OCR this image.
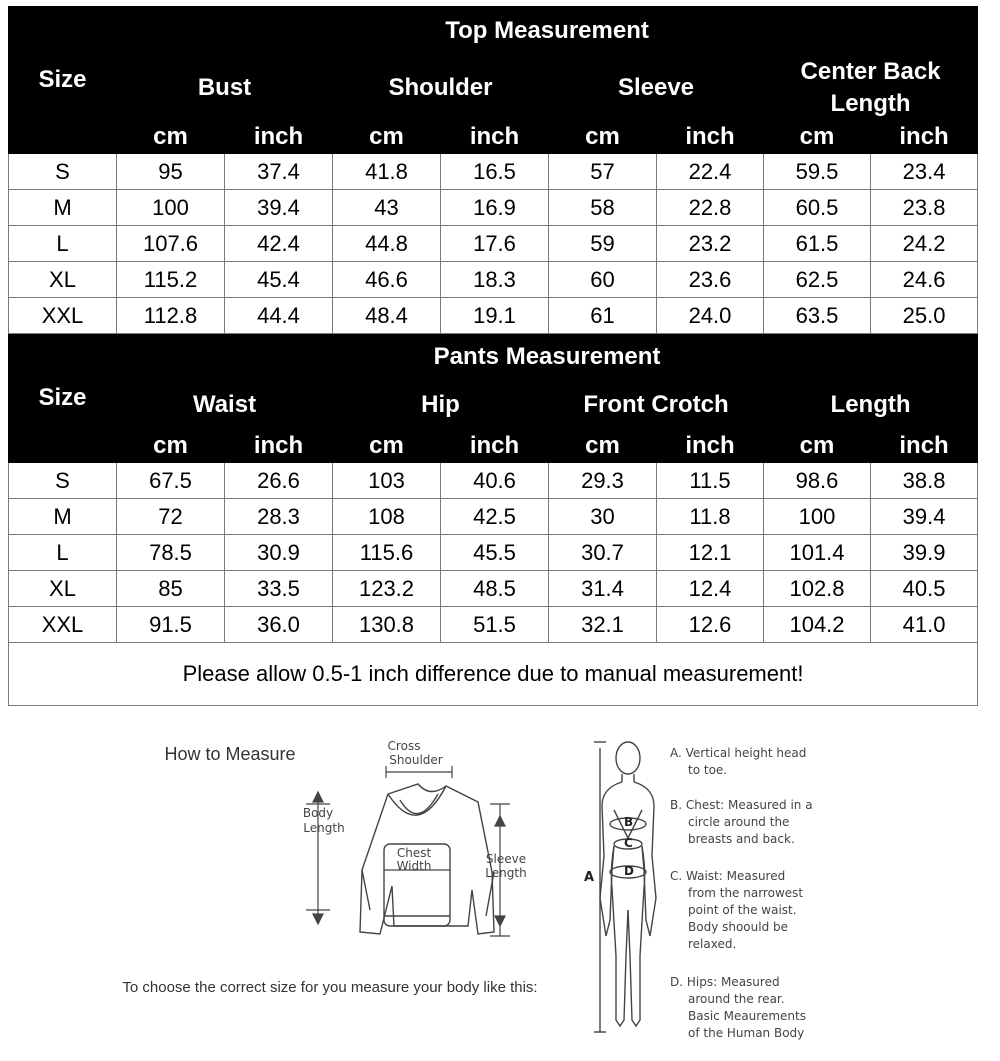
Size	Top Measurement							
	Bust		Shoulder		Sleeve		Center Back Length	
	cm	inch	cm	inch	cm	inch	cm	inch
S	95	37.4	41.8	16.5	57	22.4	59.5	23.4
M	100	39.4	43	16.9	58	22.8	60.5	23.8
L	107.6	42.4	44.8	17.6	59	23.2	61.5	24.2
XL	115.2	45.4	46.6	18.3	60	23.6	62.5	24.6
XXL	112.8	44.4	48.4	19.1	61	24.0	63.5	25.0
Size	Pants Measurement							
	Waist		Hip		Front Crotch		Length	
	cm	inch	cm	inch	cm	inch	cm	inch
S	67.5	26.6	103	40.6	29.3	11.5	98.6	38.8
M	72	28.3	108	42.5	30	11.8	100	39.4
L	78.5	30.9	115.6	45.5	30.7	12.1	101.4	39.9
XL	85	33.5	123.2	48.5	31.4	12.4	102.8	40.5
XXL	91.5	36.0	130.8	51.5	32.1	12.6	104.2	41.0
Please allow 0.5-1 inch difference due to manual measurement!								
How to Measure	Cross
Shoulder
Body
Length
Chest
Width	Sleeve
Length
To choose the correct size for you measure your body like this:
A
B
C
D
A. Vertical height head
to toe.
B. Chest: Measured in a
circle around the
breasts and back.
C. Waist: Measured
from the narrowest
point of the waist.
Body shoould be
relaxed.
D. Hips: Measured
around the rear.
Basic Meaurements
of the Human Body
